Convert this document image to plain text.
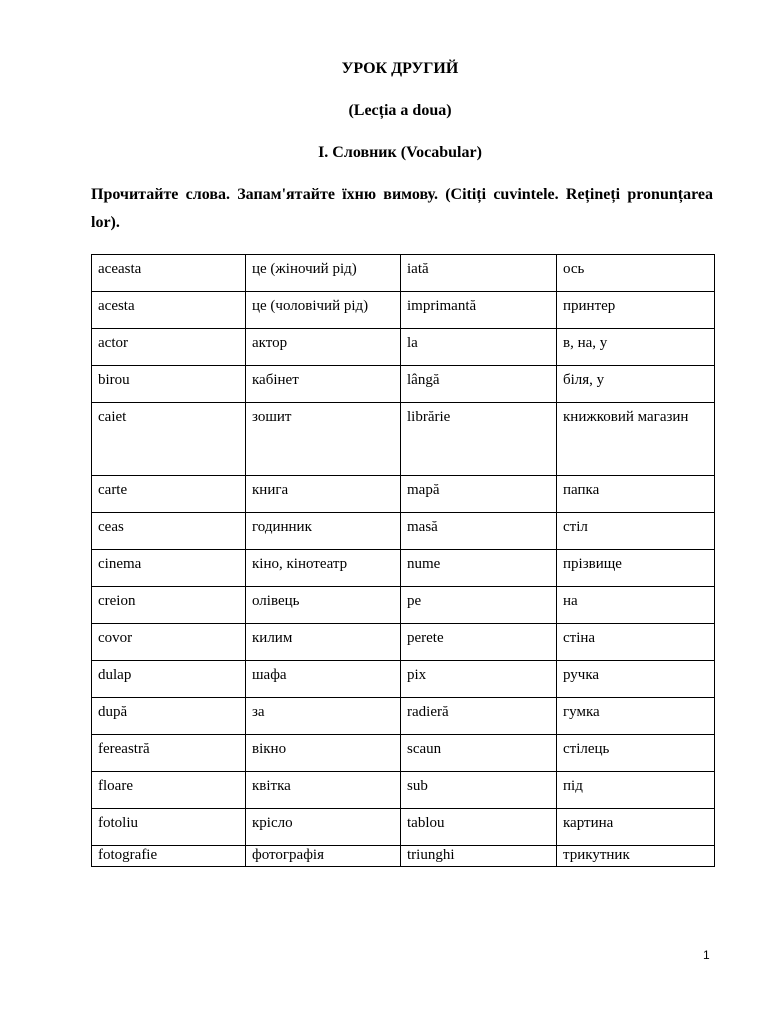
УРОК ДРУГИЙ
(Lecția a doua)
I. Словник (Vocabular)
Прочитайте слова. Запам'ятайте їхню вимову. (Citiți cuvintele. Rețineți pronunțarea lor).
aceasta	це (жіночий рід)	iată	ось
acesta	це (чоловічий рід)	imprimantă	принтер
actor	актор	la	в, на, у
birou	кабінет	lângă	біля, у
caiet	зошит	librărie	книжковий магазин
carte	книга	mapă	папка
ceas	годинник	masă	стіл
cinema	кіно, кінотеатр	nume	прізвище
creion	олівець	pe	на
covor	килим	perete	стіна
dulap	шафа	pix	ручка
după	за	radieră	гумка
fereastră	вікно	scaun	стілець
floare	квітка	sub	під
fotoliu	крісло	tablou	картина
fotografie	фотографія	triunghi	трикутник
1
